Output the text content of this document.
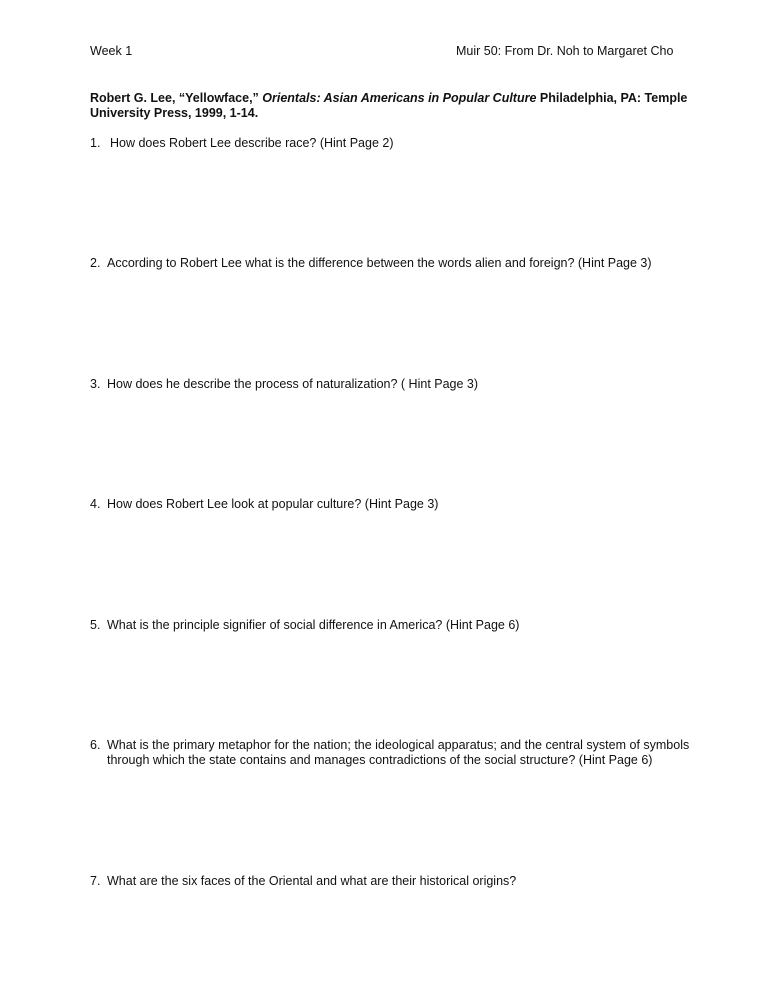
Week 1	Muir 50: From Dr. Noh to Margaret Cho
Robert G. Lee, “Yellowface,” Orientals: Asian Americans in Popular Culture Philadelphia, PA: Temple University Press, 1999, 1-14.
1. How does Robert Lee describe race? (Hint Page 2)
2. According to Robert Lee what is the difference between the words alien and foreign? (Hint Page 3)
3. How does he describe the process of naturalization? ( Hint Page 3)
4. How does Robert Lee look at popular culture? (Hint Page 3)
5. What is the principle signifier of social difference in America? (Hint Page 6)
6. What is the primary metaphor for the nation; the ideological apparatus; and the central system of symbols through which the state contains and manages contradictions of the social structure? (Hint Page 6)
7. What are the six faces of the Oriental and what are their historical origins?
